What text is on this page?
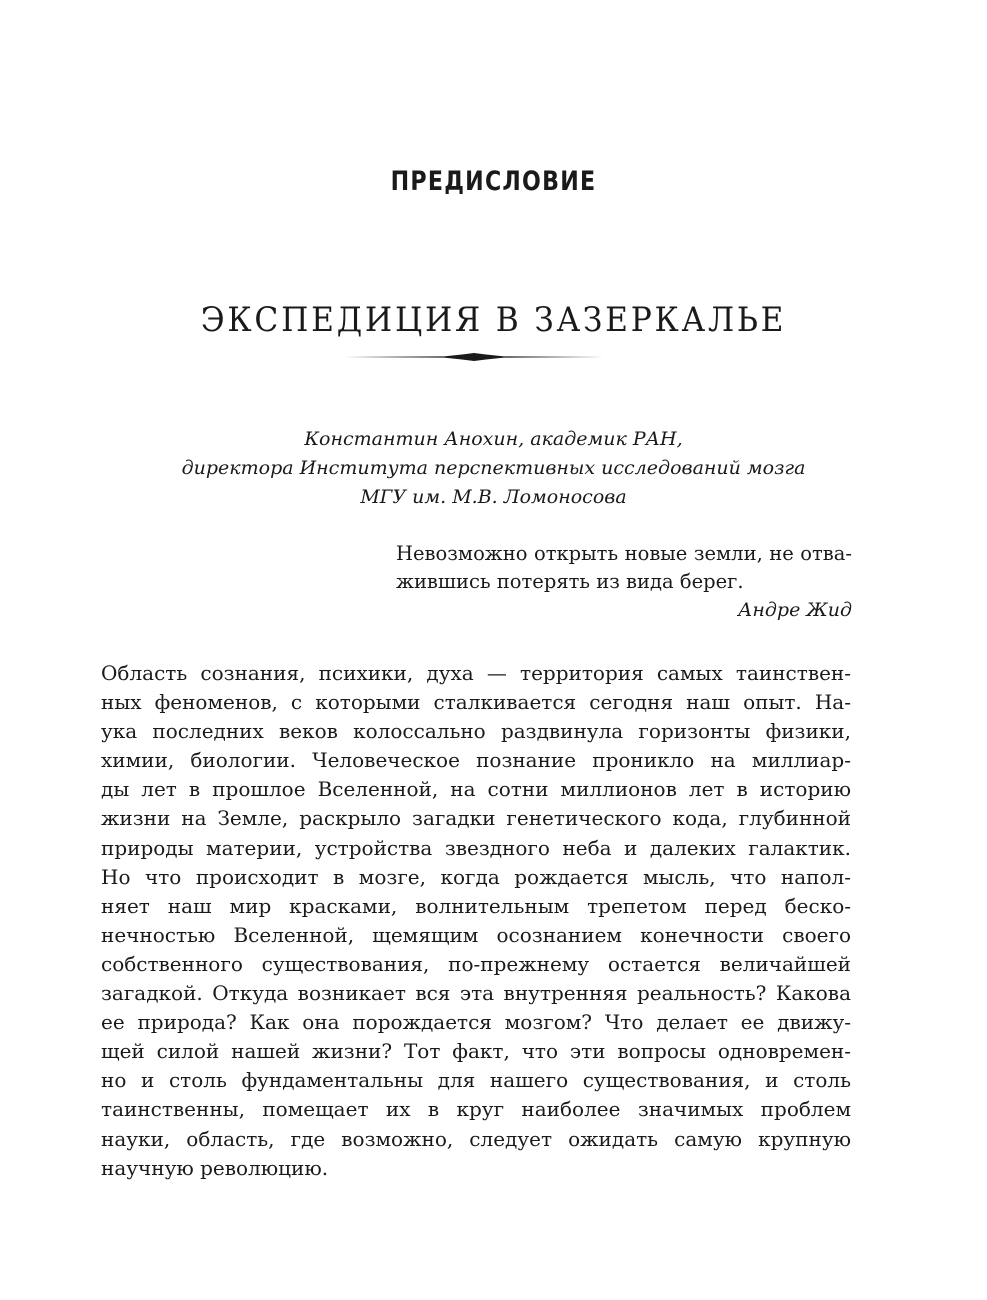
ПРЕДИСЛОВИЕ
ЭКСПЕДИЦИЯ В ЗАЗЕРКАЛЬЕ
Константин Анохин, академик РАН,
директора Института перспективных исследований мозга
МГУ им. М.В. Ломоносова
Невозможно открыть новые земли, не отва-
жившись потерять из вида берег.
Андре Жид
Область сознания, психики, духа — территория самых таинствен-
ных феноменов, с которыми сталкивается сегодня наш опыт. На-
ука последних веков колоссально раздвинула горизонты физики,
химии, биологии. Человеческое познание проникло на миллиар-
ды лет в прошлое Вселенной, на сотни миллионов лет в историю
жизни на Земле, раскрыло загадки генетического кода, глубинной
природы материи, устройства звездного неба и далеких галактик.
Но что происходит в мозге, когда рождается мысль, что напол-
няет наш мир красками, волнительным трепетом перед беско-
нечностью Вселенной, щемящим осознанием конечности своего
собственного существования, по-прежнему остается величайшей
загадкой. Откуда возникает вся эта внутренняя реальность? Какова
ее природа? Как она порождается мозгом? Что делает ее движу-
щей силой нашей жизни? Тот факт, что эти вопросы одновремен-
но и столь фундаментальны для нашего существования, и столь
таинственны, помещает их в круг наиболее значимых проблем
науки, область, где возможно, следует ожидать самую крупную
научную революцию.
